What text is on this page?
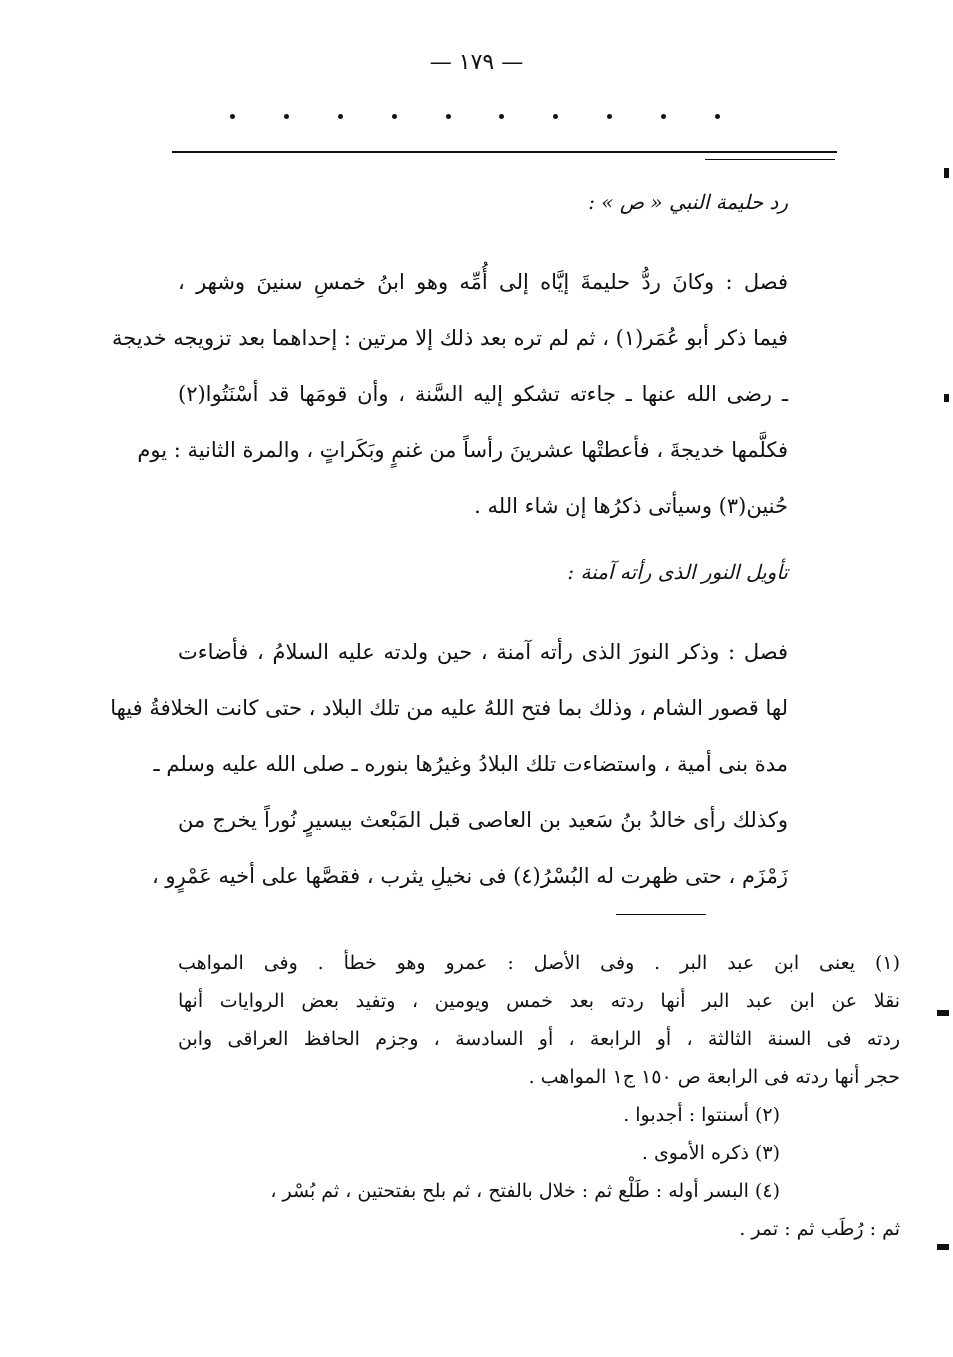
— ١٧٩ —
رد حليمة النبي « ص » :
فصل : وكانَ ردُّ حليمةَ إيَّاه إلى أُمِّه وهو ابنُ خمسِ سنينَ وشهر ،
فيما ذكر أبو عُمَر(١) ، ثم لم تره بعد ذلك إلا مرتين : إحداهما بعد تزويجه خديجة
ـ رضى الله عنها ـ جاءته تشكو إليه السَّنة ، وأن قومَها قد أسْنَتُوا(٢)
فكلَّمها خديجةَ ، فأعطتْها عشرينَ رأساً من غنمٍ وبَكَراتٍ ، والمرة الثانية : يوم
حُنين(٣) وسيأتى ذكرُها إن شاء الله .
تأويل النور الذى رأته آمنة :
فصل : وذكر النورَ الذى رأته آمنة ، حين ولدته عليه السلامُ ، فأضاءت
لها قصور الشام ، وذلك بما فتح اللهُ عليه من تلك البلاد ، حتى كانت الخلافةُ فيها
مدة بنى أمية ، واستضاءت تلك البلادُ وغيرُها بنوره ـ صلى الله عليه وسلم ـ
وكذلك رأى خالدُ بنُ سَعيد بن العاصى قبل المَبْعث بيسيرٍ نُوراً يخرج من
زَمْزَم ، حتى ظهرت له البُسْرُ(٤) فى نخيلِ يثرب ، فقصَّها على أخيه عَمْرٍو ،
(١) يعنى ابن عبد البر . وفى الأصل : عمرو وهو خطأ . وفى المواهب
نقلا عن ابن عبد البر أنها ردته بعد خمس ويومين ، وتفيد بعض الروايات أنها
ردته فى السنة الثالثة ، أو الرابعة ، أو السادسة ، وجزم الحافظ العراقى وابن
حجر أنها ردته فى الرابعة ص ١٥٠ ج١ المواهب .
(٢) أسنتوا : أجدبوا .
(٣) ذكره الأموى .
(٤) البسر أوله : طَلْع ثم : خلال بالفتح ، ثم بلح بفتحتين ، ثم بُسْر ،
ثم : رُطَب ثم : تمر .
